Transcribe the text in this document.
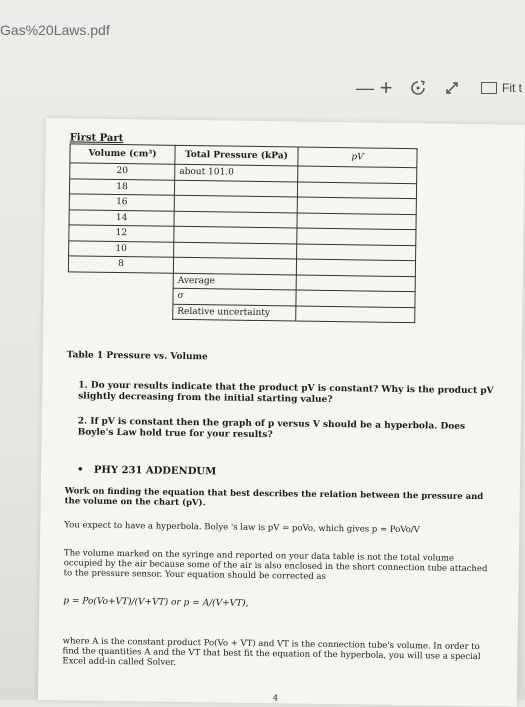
Gas%20Laws.pdf
— +	Fit t
First Part
Volume (cm³)	Total Pressure (kPa)	pV
20	about 101.0	
18		
16		
14		
12		
10		
8		
	Average	
	σ	
	Relative uncertainty	
Table 1 Pressure vs. Volume
1. Do your results indicate that the product pV is constant? Why is the product pV slightly decreasing from the initial starting value?
2. If pV is constant then the graph of p versus V should be a hyperbola. Does Boyle's Law hold true for your results?
•   PHY 231 ADDENDUM
Work on finding the equation that best describes the relation between the pressure and the volume on the chart (pV).
You expect to have a hyperbola. Bolye 's law is pV = poVo, which gives p = PoVo/V
The volume marked on the syringe and reported on your data table is not the total volume occupied by the air because some of the air is also enclosed in the short connection tube attached to the pressure sensor. Your equation should be corrected as
p = Po(Vo+VT)/(V+VT) or p = A/(V+VT),
where A is the constant product Po(Vo + VT) and VT is the connection tube's volume. In order to find the quantities A and the VT that best fit the equation of the hyperbola, you will use a special Excel add-in called Solver.
4
